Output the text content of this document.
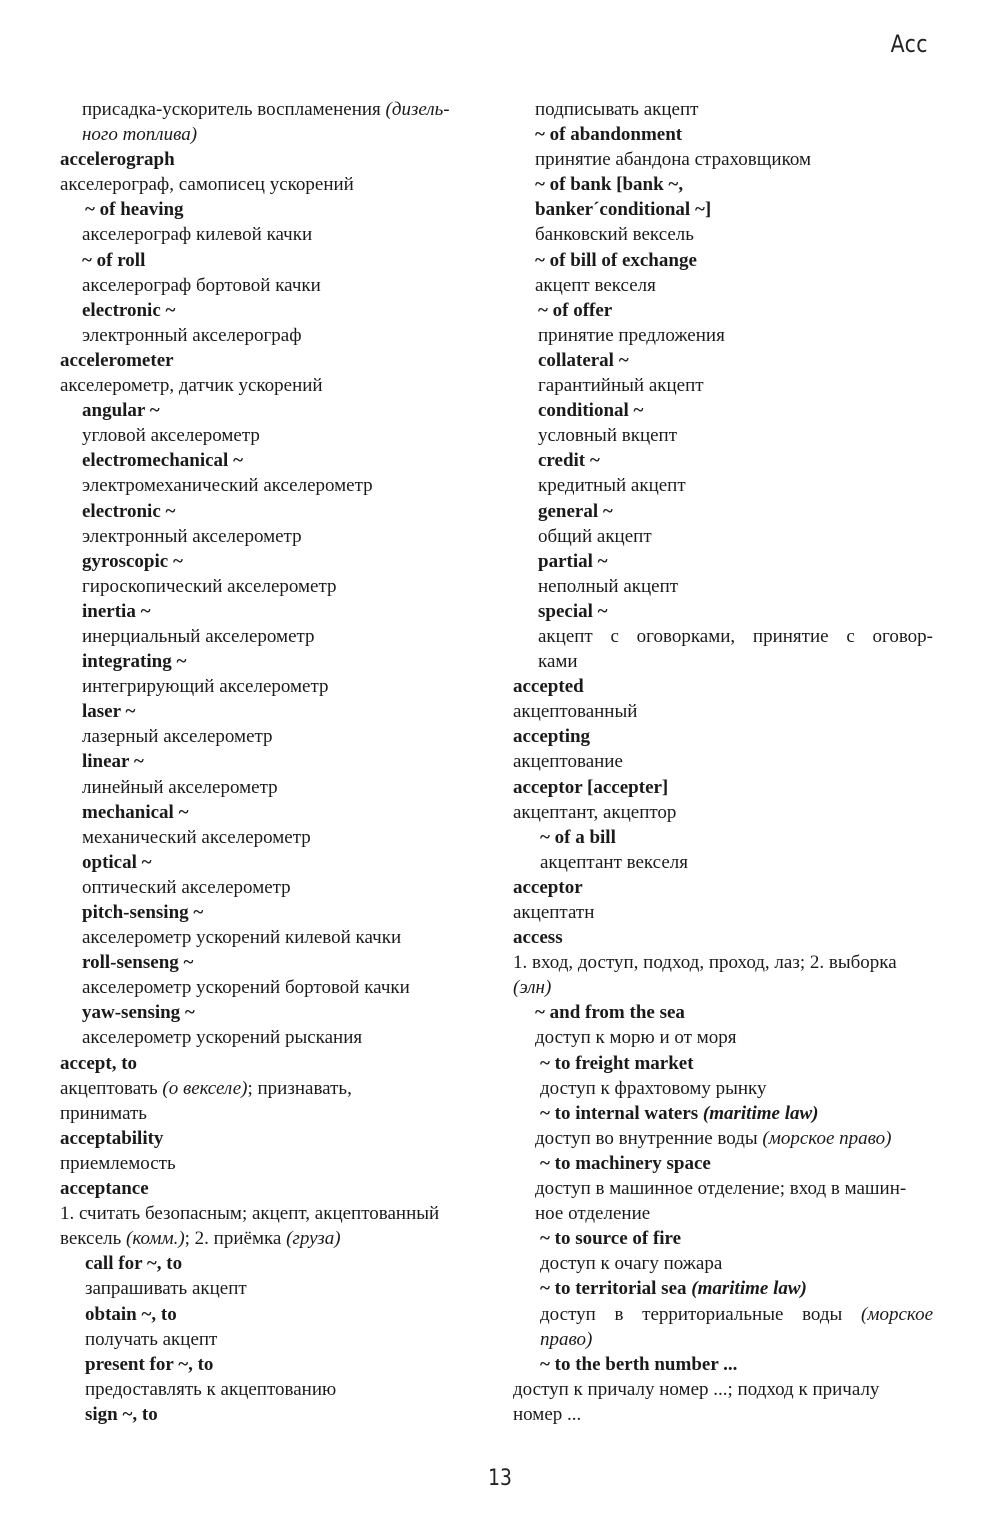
Acc
присадка-ускоритель воспламенения (дизель-
ного топлива)
accelerograph
акселерограф, самописец ускорений
~ of heaving
акселерограф килевой качки
~ of roll
акселерограф бортовой качки
electronic ~
электронный акселерограф
accelerometer
акселерометр, датчик ускорений
angular ~
угловой акселерометр
electromechanical ~
электромеханический акселерометр
electronic ~
электронный акселерометр
gyroscopic ~
гироскопический акселерометр
inertia ~
инерциальный акселерометр
integrating ~
интегрирующий акселерометр
laser ~
лазерный акселерометр
linear ~
линейный акселерометр
mechanical ~
механический акселерометр
optical ~
оптический акселерометр
pitch-sensing ~
акселерометр ускорений килевой качки
roll-senseng ~
акселерометр ускорений бортовой качки
yaw-sensing ~
акселерометр ускорений рыскания
accept, to
акцептовать (о векселе); признавать,
принимать
acceptability
приемлемость
acceptance
1. считать безопасным; акцепт, акцептованный
вексель (комм.); 2. приёмка (груза)
call for ~, to
запрашивать акцепт
obtain ~, to
получать акцепт
present for ~, to
предоставлять к акцептованию
sign ~, to
подписывать акцепт
~ of abandonment
принятие абандона страховщиком
~ of bank [bank ~,
banker´conditional ~]
банковский вексель
~ of bill of exchange
акцепт векселя
~ of offer
принятие предложения
collateral ~
гарантийный акцепт
conditional ~
условный вкцепт
credit ~
кредитный акцепт
general ~
общий акцепт
partial ~
неполный акцепт
special ~
акцепт с оговорками, принятие с оговор-
ками
accepted
акцептованный
accepting
акцептование
acceptor [accepter]
акцептант, акцептор
~ of a bill
акцептант векселя
acceptor
акцептатн
access
1. вход, доступ, подход, проход, лаз; 2. выборка
(элн)
~ and from the sea
доступ к морю и от моря
~ to freight market
доступ к фрахтовому рынку
~ to internal waters (maritime law)
доступ во внутренние воды (морское право)
~ to machinery space
доступ в машинное отделение; вход в машин-
ное отделение
~ to source of fire
доступ к очагу пожара
~ to territorial sea (maritime law)
доступ в территориальные воды (морское
право)
~ to the berth number ...
доступ к причалу номер ...; подход к причалу
номер ...
13
